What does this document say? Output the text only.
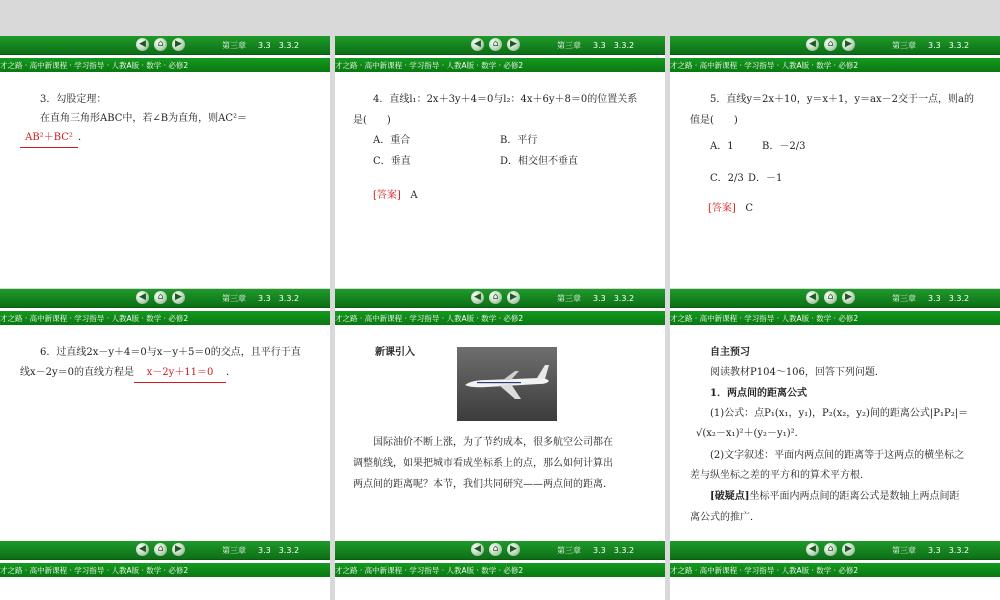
◀	⌂	▶	第三章 3.3　3.3.2
才之路 · 高中新课程 · 学习指导 · 人教A版 · 数学 · 必修2
3．勾股定理：
在直角三角形ABC中，若∠B为直角，则AC²＝
AB²＋BC² ．
◀	⌂	▶	第三章 3.3　3.3.2
才之路 · 高中新课程 · 学习指导 · 人教A版 · 数学 · 必修2
4．直线l₁：2x＋3y＋4＝0与l₂：4x＋6y＋8＝0的位置关系
是(　　)
A．重合	B．平行
C．垂直	D．相交但不垂直
[答案] A
◀	⌂	▶	第三章 3.3　3.3.2
才之路 · 高中新课程 · 学习指导 · 人教A版 · 数学 · 必修2
5．直线y＝2x＋10，y＝x＋1，y＝ax－2交于一点，则a的
值是(　　)
A．1	B．－2/3
C．2/3 D．－1
[答案] C
◀	⌂	▶	第三章 3.3　3.3.2
才之路 · 高中新课程 · 学习指导 · 人教A版 · 数学 · 必修2
6．过直线2x－y＋4＝0与x－y＋5＝0的交点，且平行于直
线x－2y＝0的直线方程是 x－2y＋11＝0 ．
◀	⌂	▶	第三章 3.3　3.3.2
才之路 · 高中新课程 · 学习指导 · 人教A版 · 数学 · 必修2
新课引入
国际油价不断上涨，为了节约成本，很多航空公司都在
调整航线，如果把城市看成坐标系上的点，那么如何计算出
两点间的距离呢？本节，我们共同研究——两点间的距离．
◀	⌂	▶	第三章 3.3　3.3.2
才之路 · 高中新课程 · 学习指导 · 人教A版 · 数学 · 必修2
自主预习
阅读教材P104～106，回答下列问题．
1．两点间的距离公式
(1)公式：点P₁(x₁，y₁)，P₂(x₂，y₂)间的距离公式|P₁P₂|＝
√(x₂－x₁)²＋(y₂－y₁)²．
(2)文字叙述：平面内两点间的距离等于这两点的横坐标之
差与纵坐标之差的平方和的算术平方根．
[破疑点]坐标平面内两点间的距离公式是数轴上两点间距
离公式的推广．
◀	⌂	▶	第三章 3.3　3.3.2
才之路 · 高中新课程 · 学习指导 · 人教A版 · 数学 · 必修2
◀	⌂	▶	第三章 3.3　3.3.2
才之路 · 高中新课程 · 学习指导 · 人教A版 · 数学 · 必修2
◀	⌂	▶	第三章 3.3　3.3.2
才之路 · 高中新课程 · 学习指导 · 人教A版 · 数学 · 必修2
